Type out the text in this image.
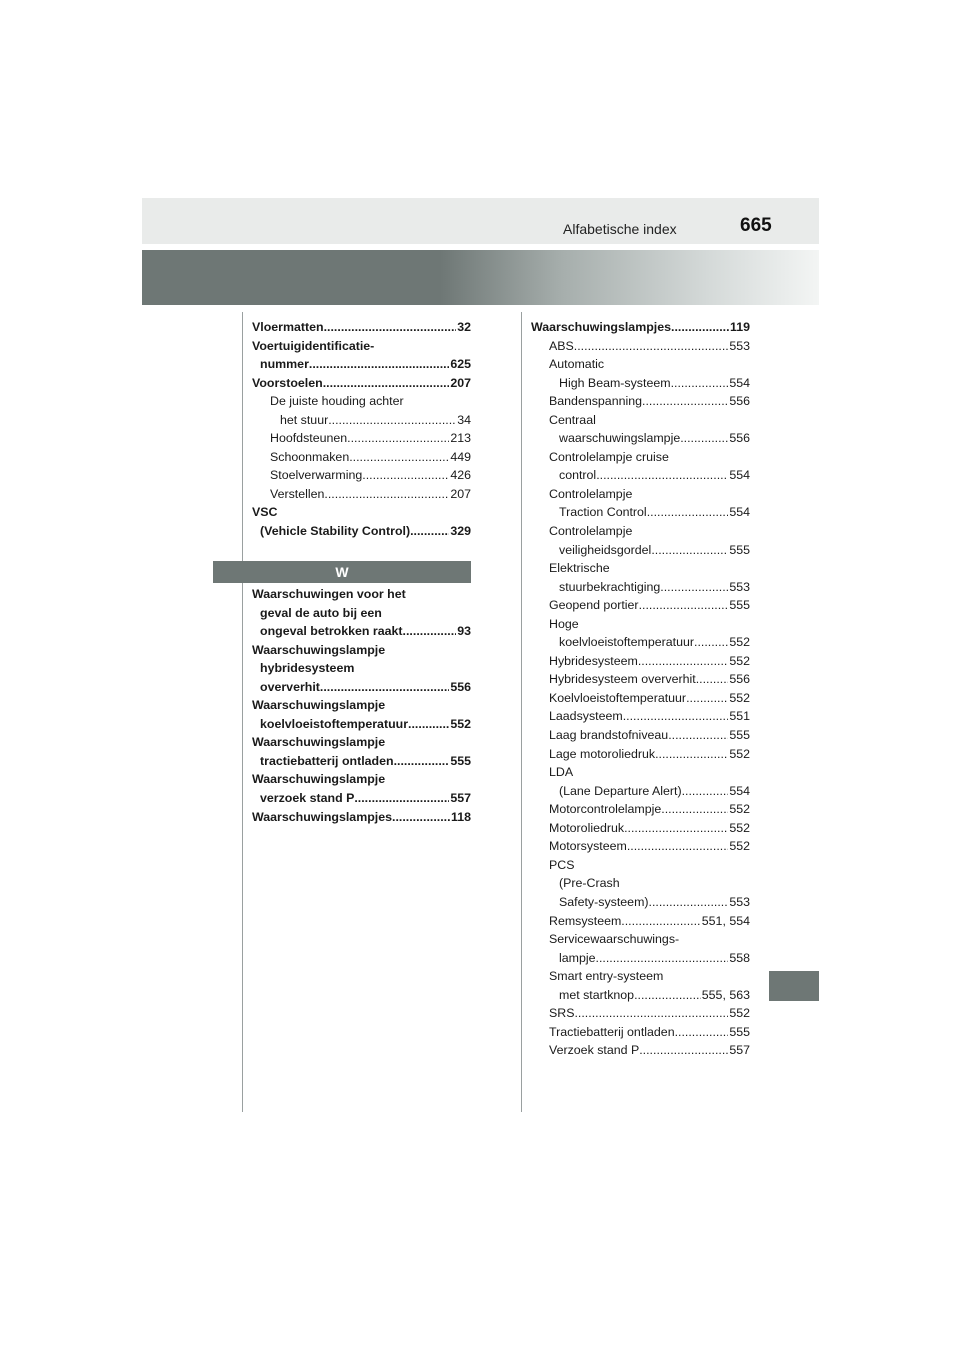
Alfabetische index	665
Vloermatten .....	32
Voertuigidentificatie-
nummer .....	625
Voorstoelen .....	207
De juiste houding achter
het stuur .....	34
Hoofdsteunen .....	213
Schoonmaken .....	449
Stoelverwarming .....	426
Verstellen .....	207
VSC
(Vehicle Stability Control) .....	329
W
Waarschuwingen voor het
geval de auto bij een
ongeval betrokken raakt .....	93
Waarschuwingslampje
hybridesysteem
oververhit .....	556
Waarschuwingslampje
koelvloeistoftemperatuur .....	552
Waarschuwingslampje
tractiebatterij ontladen .....	555
Waarschuwingslampje
verzoek stand P .....	557
Waarschuwingslampjes .....	118
Waarschuwingslampjes .....	119
ABS .....	553
Automatic
High Beam-systeem .....	554
Bandenspanning .....	556
Centraal
waarschuwingslampje .....	556
Controlelampje cruise
control .....	554
Controlelampje
Traction Control .....	554
Controlelampje
veiligheidsgordel .....	555
Elektrische
stuurbekrachtiging .....	553
Geopend portier .....	555
Hoge
koelvloeistoftemperatuur .....	552
Hybridesysteem .....	552
Hybridesysteem oververhit .....	556
Koelvloeistoftemperatuur .....	552
Laadsysteem .....	551
Laag brandstofniveau .....	555
Lage motoroliedruk .....	552
LDA
(Lane Departure Alert) .....	554
Motorcontrolelampje .....	552
Motoroliedruk .....	552
Motorsysteem .....	552
PCS
(Pre-Crash
Safety-systeem) .....	553
Remsysteem .....	551, 554
Servicewaarschuwings-
lampje .....	558
Smart entry-systeem
met startknop .....	555, 563
SRS .....	552
Tractiebatterij ontladen .....	555
Verzoek stand P .....	557
